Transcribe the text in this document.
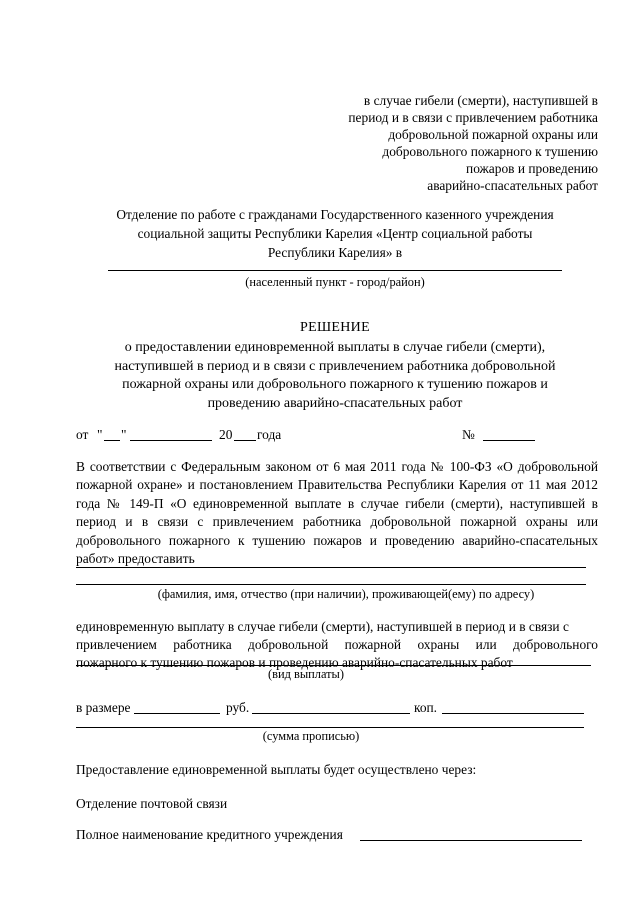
в случае гибели (смерти), наступившей в
период и в связи с привлечением работника
добровольной пожарной охраны или
добровольного пожарного к тушению
пожаров и проведению
аварийно-спасательных работ
Отделение по работе с гражданами Государственного казенного учреждения
социальной защиты Республики Карелия «Центр социальной работы
Республики Карелия» в
(населенный пункт - город/район)
РЕШЕНИЕ
о предоставлении единовременной выплаты в случае гибели (смерти),
наступившей в период и в связи с привлечением работника добровольной
пожарной охраны или добровольного пожарного к тушению пожаров и
проведению аварийно-спасательных работ
от " "	20 года	№
В соответствии с Федеральным законом от 6 мая 2011 года № 100-ФЗ «О добровольной пожарной охране» и постановлением Правительства Республики Карелия от 11 мая 2012 года № 149-П «О единовременной выплате в случае гибели (смерти), наступившей в период и в связи с привлечением работника добровольной пожарной охраны или добровольного пожарного к тушению пожаров и проведению аварийно-спасательных работ» предоставить
(фамилия, имя, отчество (при наличии), проживающей(ему) по адресу)
единовременную выплату в случае гибели (смерти), наступившей в период и в связи с
привлечением работника добровольной пожарной охраны или добровольного
пожарного к тушению пожаров и проведению аварийно-спасательных работ
(вид выплаты)
в размере	руб.	коп.
(сумма прописью)
Предоставление единовременной выплаты будет осуществлено через:
Отделение почтовой связи
Полное наименование кредитного учреждения
